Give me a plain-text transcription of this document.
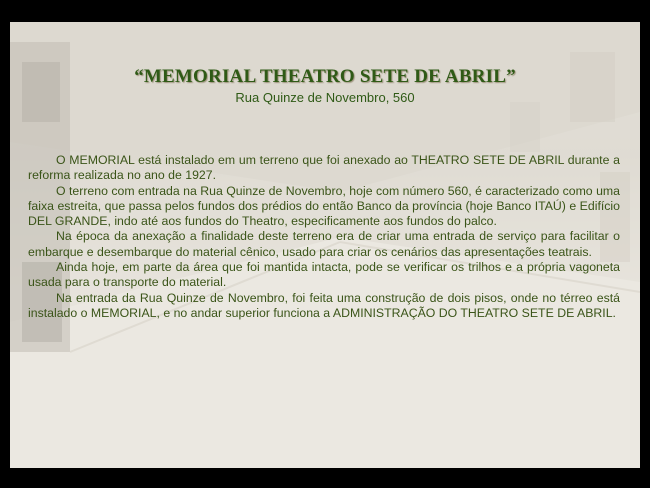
“MEMORIAL THEATRO SETE DE ABRIL”
Rua Quinze de Novembro, 560

O MEMORIAL está instalado em um terreno que foi anexado ao THEATRO SETE DE ABRIL durante a reforma realizada no ano de 1927.

O terreno com entrada na Rua Quinze de Novembro, hoje com número 560, é caracterizado como uma faixa estreita, que passa pelos fundos dos prédios do então Banco da província (hoje Banco ITAÚ) e Edifício DEL GRANDE, indo até aos fundos do Theatro, especificamente aos fundos do palco.

Na época da anexação a finalidade deste terreno era de criar uma entrada de serviço para facilitar o embarque e desembarque do material cênico, usado para criar os cenários das apresentações teatrais.

Ainda hoje, em parte da área que foi mantida intacta, pode se verificar os trilhos e a própria vagoneta usada para o transporte do material.

Na entrada da Rua Quinze de Novembro, foi feita uma construção de dois pisos, onde no térreo está instalado o MEMORIAL, e no andar superior funciona a ADMINISTRAÇÃO DO THEATRO SETE DE ABRIL.
